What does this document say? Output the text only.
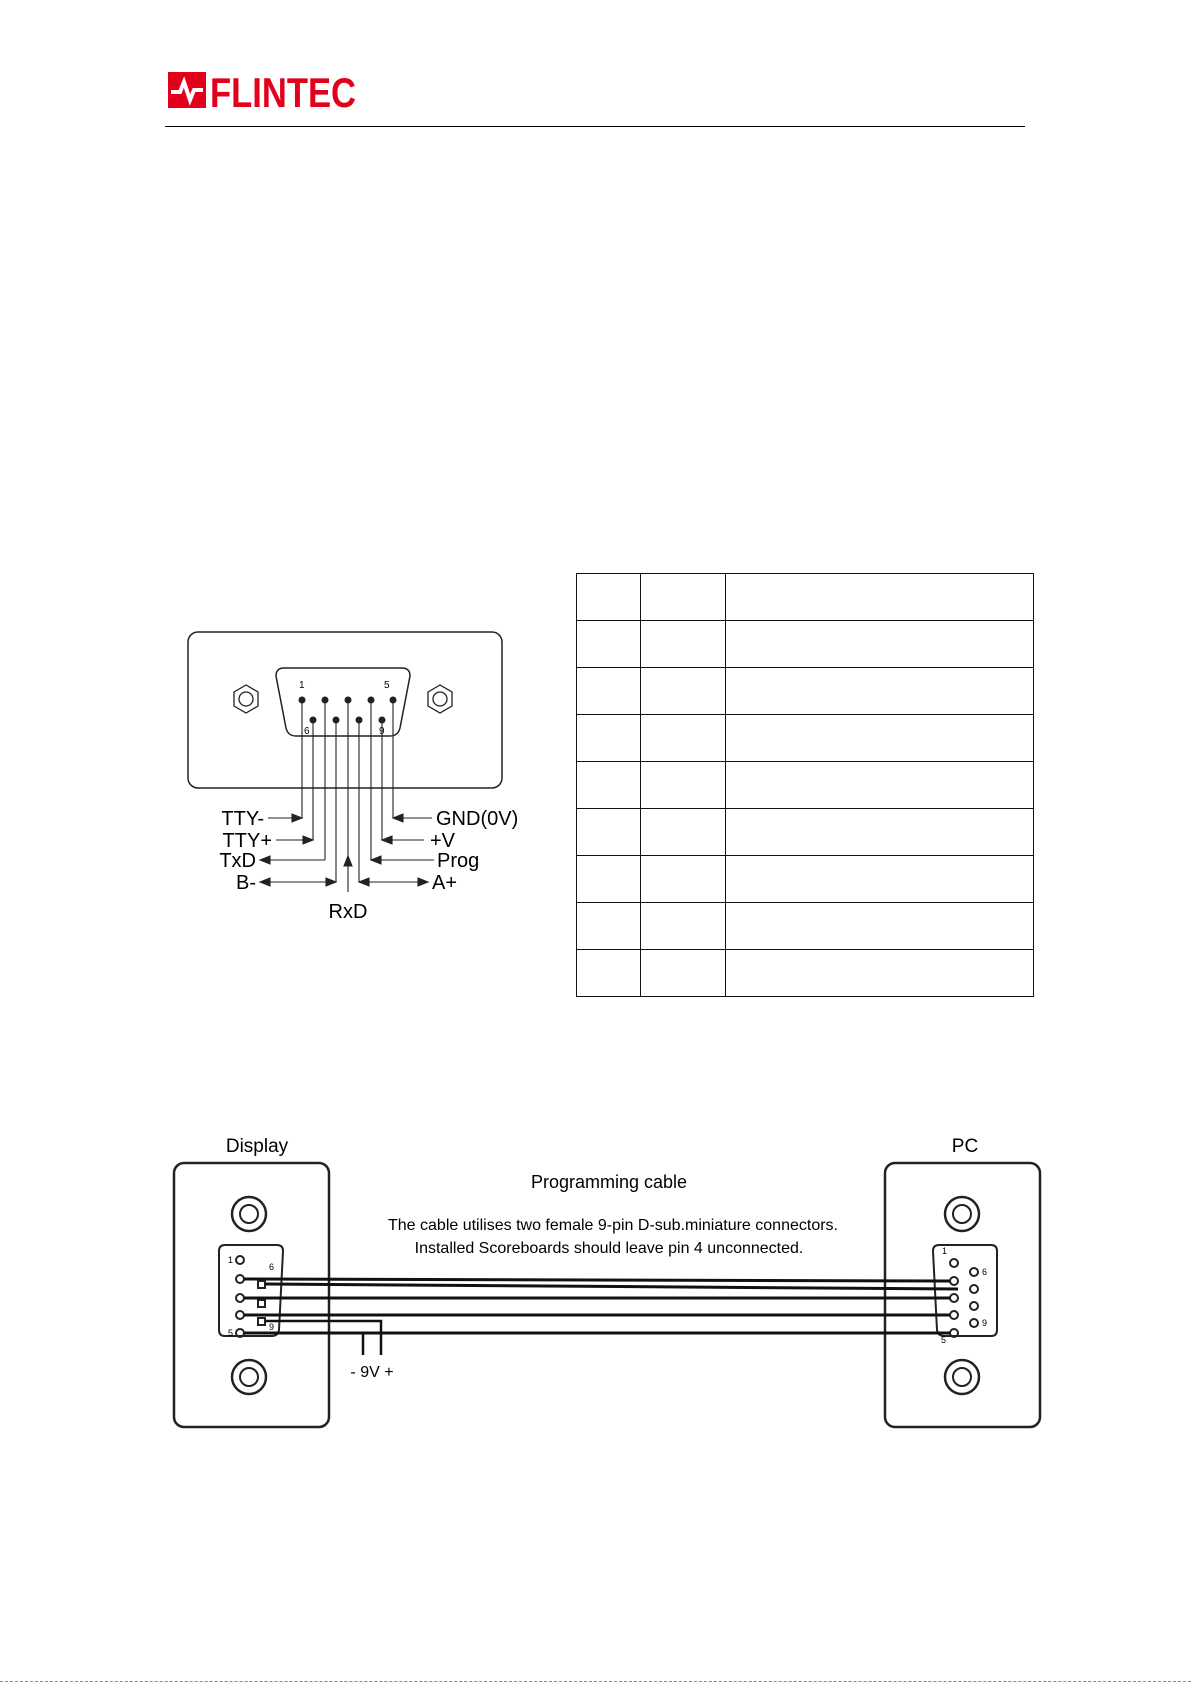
FLINTEC
1	5
6	9
TTY-
TTY+
TxD
B-
GND(0V)
+V
Prog
A+
RxD

Display	PC
Programming cable
The cable utilises two female 9-pin D-sub.miniature connectors.
Installed Scoreboards should leave pin 4 unconnected.
1
6
5
9
1
6
5
9
- 9V +
